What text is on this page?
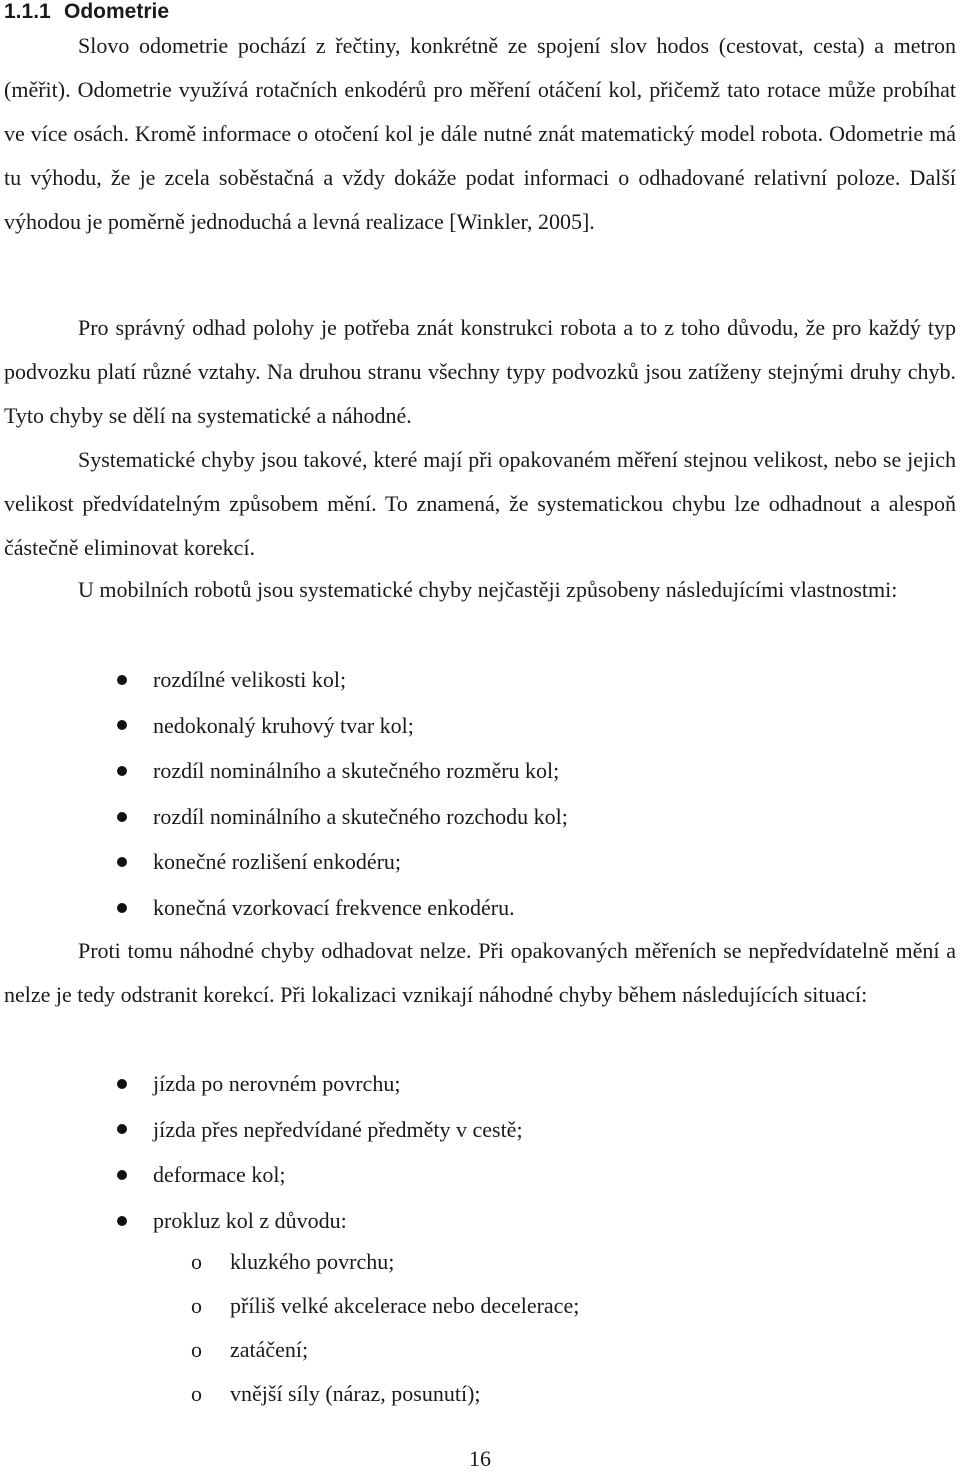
1.1.1 Odometrie

Slovo odometrie pochází z řečtiny, konkrétně ze spojení slov hodos (cestovat, cesta) a metron (měřit). Odometrie využívá rotačních enkodérů pro měření otáčení kol, přičemž tato rotace může probíhat ve více osách. Kromě informace o otočení kol je dále nutné znát matematický model robota. Odometrie má tu výhodu, že je zcela soběstačná a vždy dokáže podat informaci o odhadované relativní poloze. Další výhodou je poměrně jednoduchá a levná realizace [Winkler, 2005].

Pro správný odhad polohy je potřeba znát konstrukci robota a to z toho důvodu, že pro každý typ podvozku platí různé vztahy. Na druhou stranu všechny typy podvozků jsou zatíženy stejnými druhy chyb. Tyto chyby se dělí na systematické a náhodné.

Systematické chyby jsou takové, které mají při opakovaném měření stejnou velikost, nebo se jejich velikost předvídatelným způsobem mění. To znamená, že systematickou chybu lze odhadnout a alespoň částečně eliminovat korekcí.

U mobilních robotů jsou systematické chyby nejčastěji způsobeny následujícími vlastnostmi:

rozdílné velikosti kol;
nedokonalý kruhový tvar kol;
rozdíl nominálního a skutečného rozměru kol;
rozdíl nominálního a skutečného rozchodu kol;
konečné rozlišení enkodéru;
konečná vzorkovací frekvence enkodéru.

Proti tomu náhodné chyby odhadovat nelze. Při opakovaných měřeních se nepředvídatelně mění a nelze je tedy odstranit korekcí. Při lokalizaci vznikají náhodné chyby během následujících situací:

jízda po nerovném povrchu;
jízda přes nepředvídané předměty v cestě;
deformace kol;
prokluz kol z důvodu:
o kluzkého povrchu;
o příliš velké akcelerace nebo decelerace;
o zatáčení;
o vnější síly (náraz, posunutí);
16
